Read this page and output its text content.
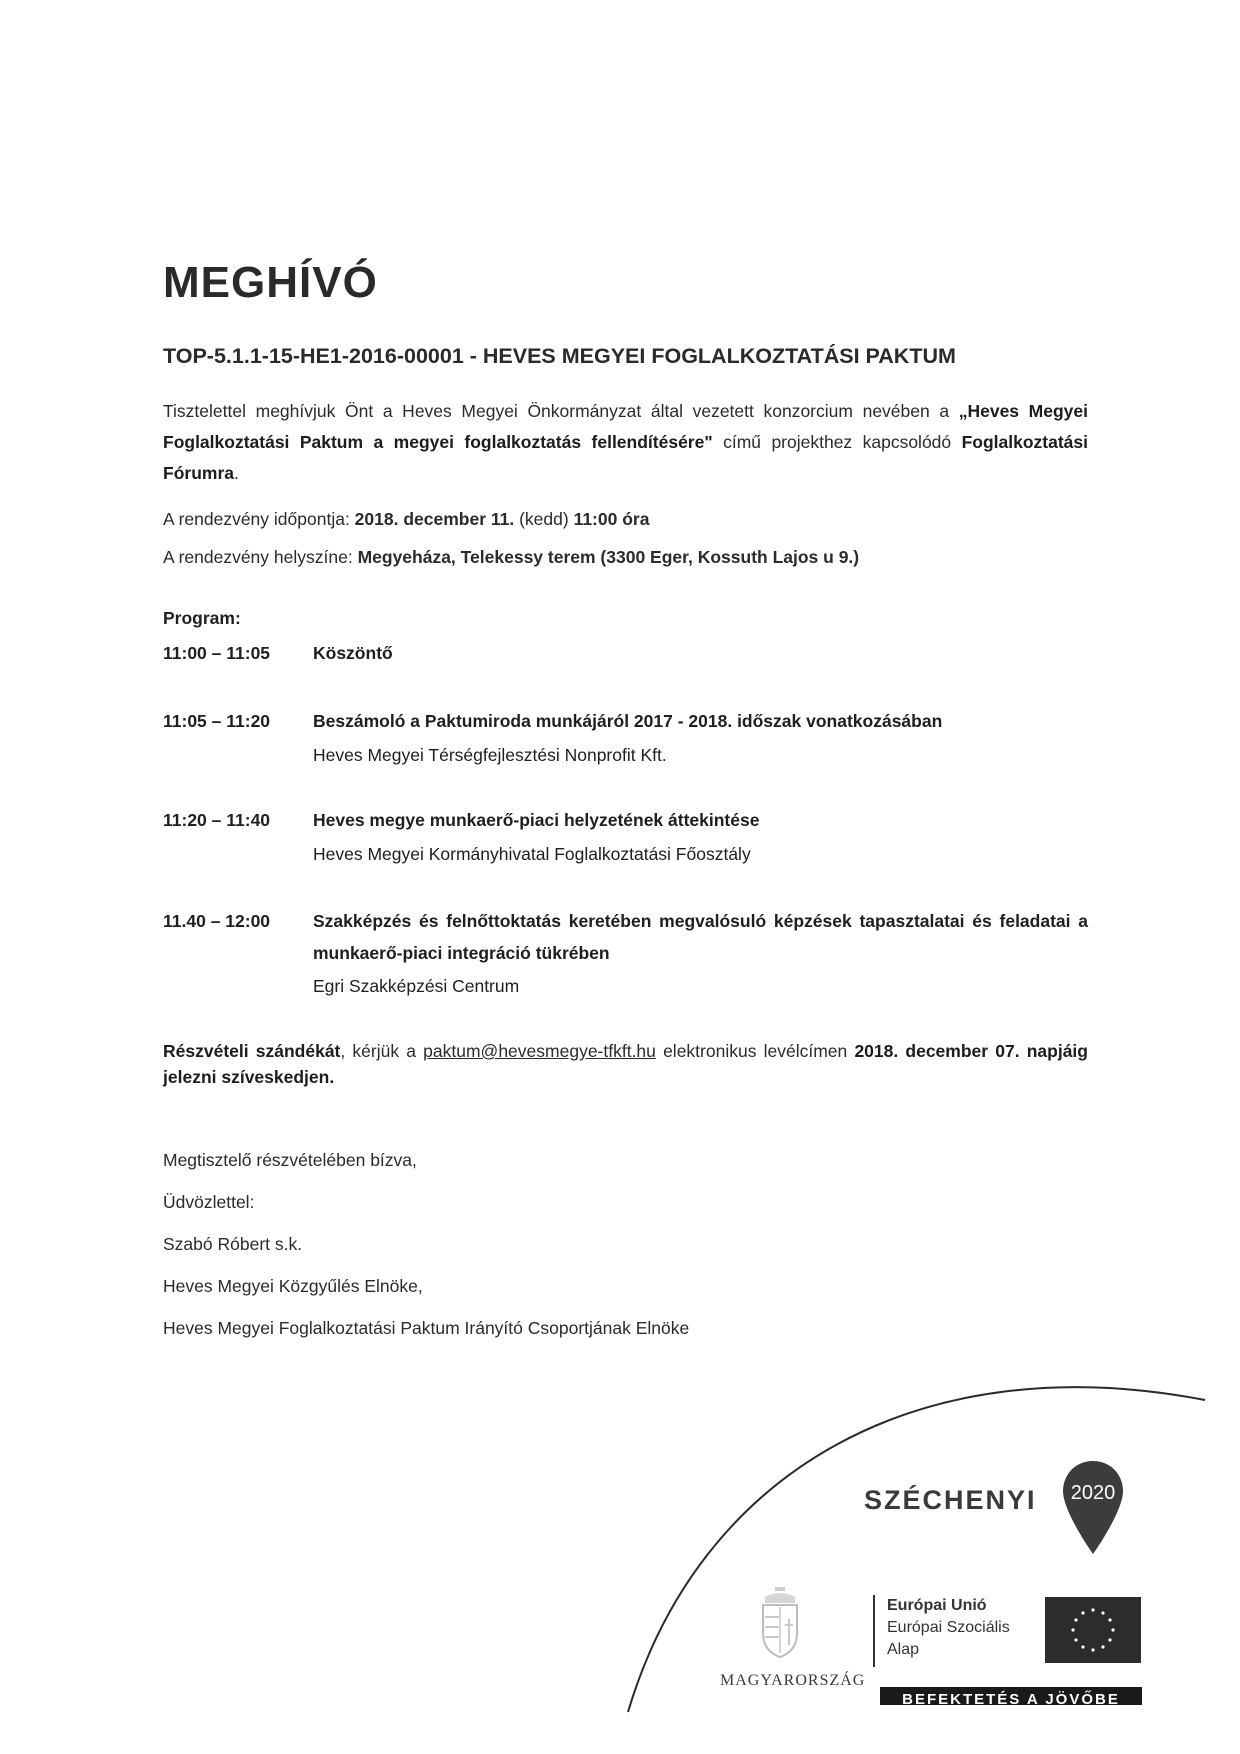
MEGHÍVÓ
TOP-5.1.1-15-HE1-2016-00001 - HEVES MEGYEI FOGLALKOZTATÁSI PAKTUM
Tisztelettel meghívjuk Önt a Heves Megyei Önkormányzat által vezetett konzorcium nevében a „Heves Megyei Foglalkoztatási Paktum a megyei foglalkoztatás fellendítésére" című projekthez kapcsolódó Foglalkoztatási Fórumra.
A rendezvény időpontja: 2018. december 11. (kedd) 11:00 óra
A rendezvény helyszíne: Megyeháza, Telekessy terem (3300 Eger, Kossuth Lajos u 9.)
Program:
11:00 – 11:05 Köszöntő
11:05 – 11:20 Beszámoló a Paktumiroda munkájáról 2017 - 2018. időszak vonatkozásában
Heves Megyei Térségfejlesztési Nonprofit Kft.
11:20 – 11:40 Heves megye munkaerő-piaci helyzetének áttekintése
Heves Megyei Kormányhivatal Foglalkoztatási Főosztály
11.40 – 12:00 Szakképzés és felnőttoktatás keretében megvalósuló képzések tapasztalatai és feladatai a munkaerő-piaci integráció tükrében
Egri Szakképzési Centrum
Részvételi szándékát, kérjük a paktum@hevesmegye-tfkft.hu elektronikus levélcímen 2018. december 07. napjáig jelezni szíveskedjen.
Megtisztelő részvételében bízva,
Üdvözlettel:
Szabó Róbert s.k.
Heves Megyei Közgyűlés Elnöke,
Heves Megyei Foglalkoztatási Paktum Irányító Csoportjának Elnöke
SZÉCHENYI 2020
MAGYARORSZÁG
Európai Unió
Európai Szociális
Alap
BEFEKTETÉS A JÖVŐBE
